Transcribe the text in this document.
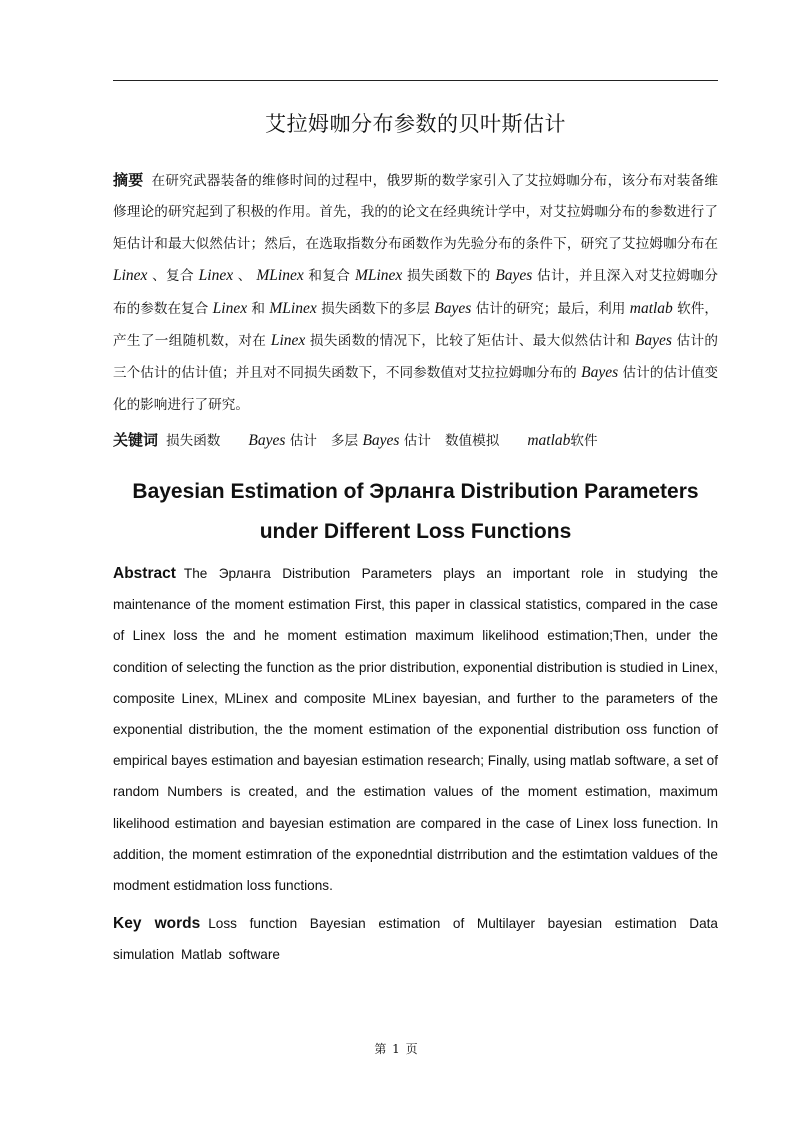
艾拉姆咖分布参数的贝叶斯估计
摘要 在研究武器装备的维修时间的过程中，俄罗斯的数学家引入了艾拉姆咖分布，该分布对装备维修理论的研究起到了积极的作用。首先，我的的论文在经典统计学中，对艾拉姆咖分布的参数进行了矩估计和最大似然估计；然后，在选取指数分布函数作为先验分布的条件下，研究了艾拉姆咖分布在 Linex 、复合 Linex 、 MLinex 和复合 MLinex 损失函数下的 Bayes 估计，并且深入对艾拉姆咖分布的参数在复合 Linex 和 MLinex 损失函数下的多层 Bayes 估计的研究；最后，利用 matlab 软件，产生了一组随机数，对在 Linex 损失函数的情况下，比较了矩估计、最大似然估计和 Bayes 估计的三个估计的估计值；并且对不同损失函数下，不同参数值对艾拉拉姆咖分布的 Bayes 估计的估计值变化的影响进行了研究。
关键词 损失函数 Bayes 估计 多层 Bayes 估计 数值模拟 matlab软件
Bayesian Estimation of Эрланга Distribution Parameters
under Different Loss Functions
Abstract The Эрланга Distribution Parameters plays an important role in studying the maintenance of the moment estimation First, this paper in classical statistics, compared in the case of Linex loss the and he moment estimation maximum likelihood estimation;Then, under the condition of selecting the function as the prior distribution, exponential distribution is studied in Linex, composite Linex, MLinex and composite MLinex bayesian, and further to the parameters of the exponential distribution, the the moment estimation of the exponential distribution oss function of empirical bayes estimation and bayesian estimation research; Finally, using matlab software, a set of random Numbers is created, and the estimation values of the moment estimation, maximum likelihood estimation and bayesian estimation are compared in the case of Linex loss funection. In addition, the moment estimration of the exponedntial distrribution and the estimtation valdues of the modment estidmation loss functions.
Key words Loss function Bayesian estimation of Multilayer bayesian estimation Data simulation Matlab software
第 1 页
